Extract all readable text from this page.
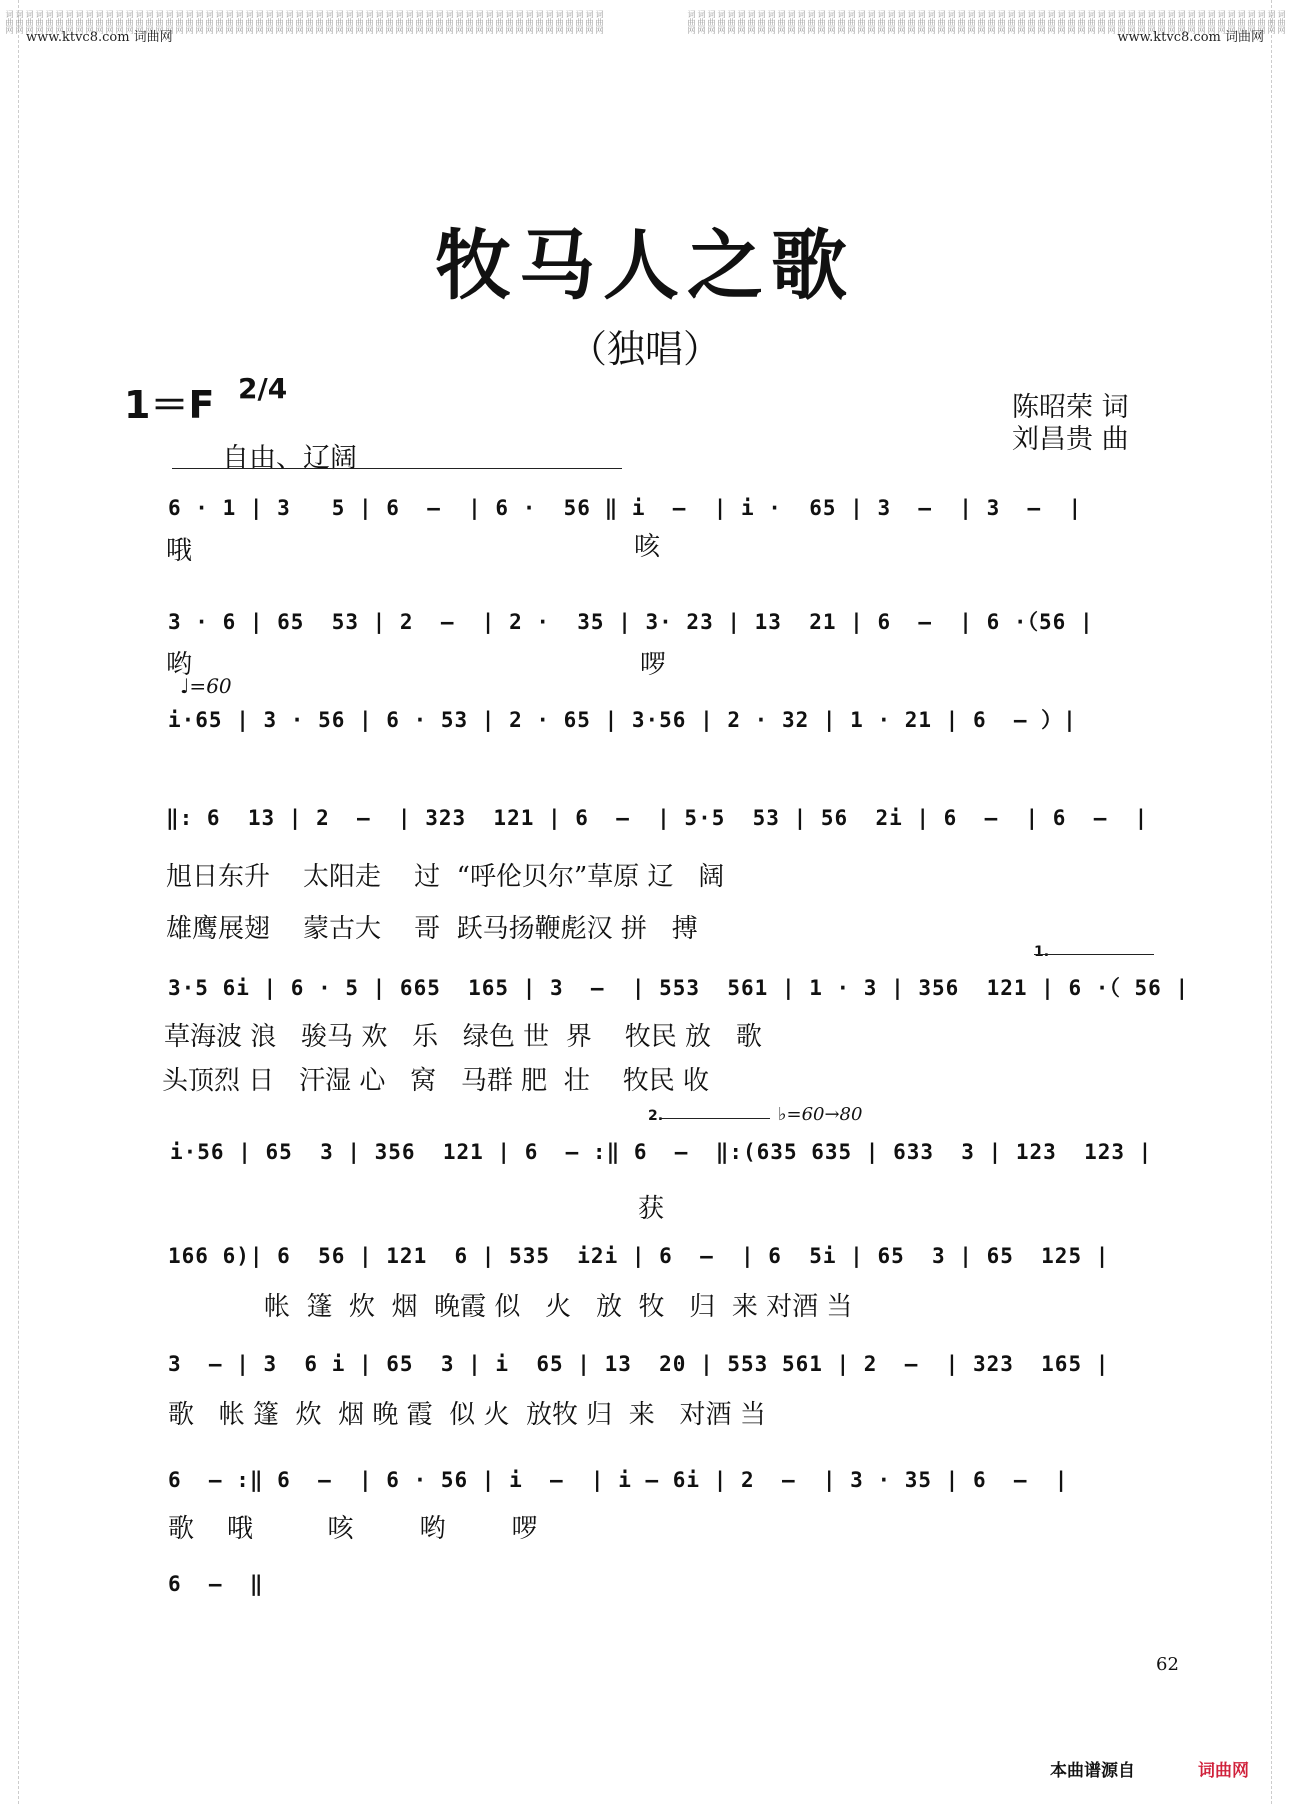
词曲网
词曲网
词曲网
词曲网
词曲网
词曲网
词曲网
词曲网
词曲网
词曲网
词曲网
词曲网
词曲网
词曲网
词曲网
词曲网
词曲网
词曲网
词曲网
词曲网
词曲网
词曲网
词曲网
词曲网
词曲网
词曲网
词曲网
词曲网
词曲网
词曲网
词曲网
词曲网
词曲网
词曲网
词曲网
词曲网
词曲网
词曲网
词曲网
词曲网
词曲网
词曲网
词曲网
词曲网
词曲网
词曲网
词曲网
词曲网
词曲网
词曲网
词曲网
词曲网
词曲网
词曲网
词曲网
词曲网
词曲网
词曲网
词曲网
词曲网	词曲网
词曲网
词曲网
词曲网
词曲网
词曲网
词曲网
词曲网
词曲网
词曲网
词曲网
词曲网
词曲网
词曲网
词曲网
词曲网
词曲网
词曲网
词曲网
词曲网
词曲网
词曲网
词曲网
词曲网
词曲网
词曲网
词曲网
词曲网
词曲网
词曲网
词曲网
词曲网
词曲网
词曲网
词曲网
词曲网
词曲网
词曲网
词曲网
词曲网
词曲网
词曲网
词曲网
词曲网
词曲网
词曲网
词曲网
词曲网
词曲网
词曲网
词曲网
词曲网
词曲网
词曲网
词曲网
词曲网
词曲网
词曲网
词曲网
词曲网
www.ktvc8.com 词曲网	www.ktvc8.com 词曲网
牧马人之歌
（独唱）
1＝F 2/4
陈昭荣 词
刘昌贵 曲
自由、辽阔
6 · 1 | 3   5 | 6  —  | 6 ·  56 ‖ i  —  | i ·  65 | 3  —  | 3  —  |
哦	咳
3 · 6 | 65  53 | 2  —  | 2 ·  35 | 3· 23 | 13  21 | 6  —  | 6 ·（56 |
哟	啰
♩=60
i·65 | 3 · 56 | 6 · 53 | 2 · 65 | 3·56 | 2 · 32 | 1 · 21 | 6  — ）|
‖: 6  13 | 2  —  | 323  121 | 6  —  | 5·5  53 | 56  2i | 6  —  | 6  —  |
旭日东升    太阳走    过  “呼伦贝尔”草原 辽   阔
雄鹰展翅    蒙古大    哥  跃马扬鞭彪汉 拼   搏
1.
3·5 6i | 6 · 5 | 665  165 | 3  —  | 553  561 | 1 · 3 | 356  121 | 6 ·（ 56 |
草海波 浪   骏马 欢   乐   绿色 世  界    牧民 放   歌
头顶烈 日   汗湿 心   窝   马群 肥  壮    牧民 收
2.	♭=60→80
i·56 | 65  3 | 356  121 | 6  — :‖ 6  —  ‖:(635 635 | 633  3 | 123  123 |
获
166 6)| 6  56 | 121  6 | 535  i2i | 6  —  | 6  5i | 65  3 | 65  125 |
帐  篷  炊  烟  晚霞 似   火   放  牧   归  来 对酒 当
3  — | 3  6 i | 65  3 | i  65 | 13  20 | 553 561 | 2  —  | 323  165 |
歌   帐 篷  炊  烟 晚 霞  似 火  放牧 归  来   对酒 当
6  — :‖ 6  —  | 6 · 56 | i  —  | i — 6i | 2  —  | 3 · 35 | 6  —  |
歌    哦         咳        哟        啰
6  —  ‖
62
本曲谱源自	词曲网
